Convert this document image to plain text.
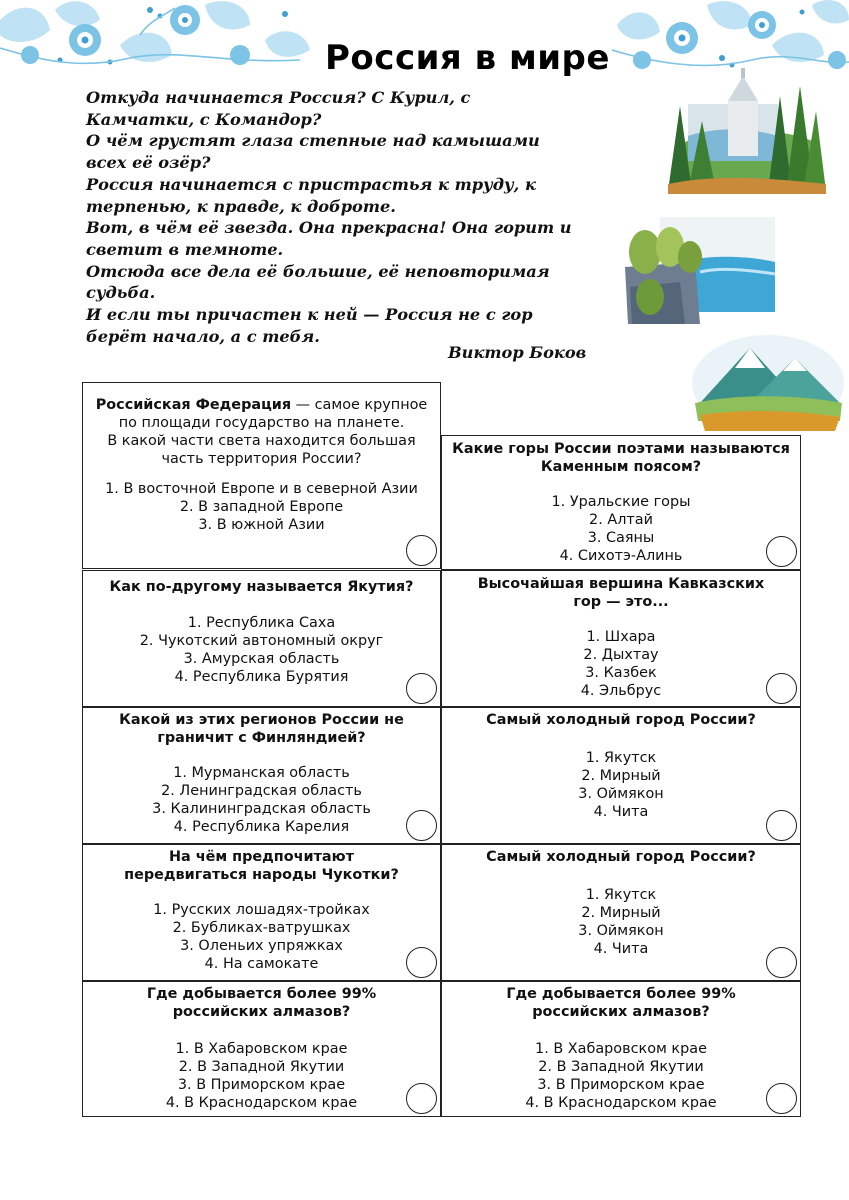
Россия в мире

Откуда начинается Россия? С Курил, с

Камчатки, с Командор?

О чём грустят глаза степные над камышами

всех её озёр?

Россия начинается с пристрастья к труду, к

терпенью, к правде, к доброте.

Вот, в чём её звезда. Она прекрасна! Она горит и

светит в темноте.

Отсюда все дела её большие, её неповторимая

судьба.

И если ты причастен к ней — Россия не с гор

берёт начало, а с тебя.

Виктор Боков
Российская Федерация — самое крупное по площади государство на планете.
В какой части света находится большая часть территория России?
1. В восточной Европе и в северной Азии
2. В западной Европе
3. В южной Азии
Какие горы России поэтами называются Каменным поясом?
1. Уральские горы
2. Алтай
3. Саяны
4. Сихотэ-Алинь
Как по-другому называется Якутия?
1. Республика Саха
2. Чукотский автономный округ
3. Амурская область
4. Республика Бурятия
Высочайшая вершина Кавказских гор — это...
1. Шхара
2. Дыхтау
3. Казбек
4. Эльбрус
Какой из этих регионов России не граничит с Финляндией?
1. Мурманская область
2. Ленинградская область
3. Калининградская область
4. Республика Карелия
Самый холодный город России?
1. Якутск
2. Мирный
3. Оймякон
4. Чита
На чём предпочитают передвигаться народы Чукотки?
1. Русских лошадях-тройках
2. Бубликах-ватрушках
3. Оленьих упряжках
4. На самокате
Самый холодный город России?
1. Якутск
2. Мирный
3. Оймякон
4. Чита
Где добывается более 99% российских алмазов?
1. В Хабаровском крае
2. В Западной Якутии
3. В Приморском крае
4. В Краснодарском крае
Где добывается более 99% российских алмазов?
1. В Хабаровском крае
2. В Западной Якутии
3. В Приморском крае
4. В Краснодарском крае
